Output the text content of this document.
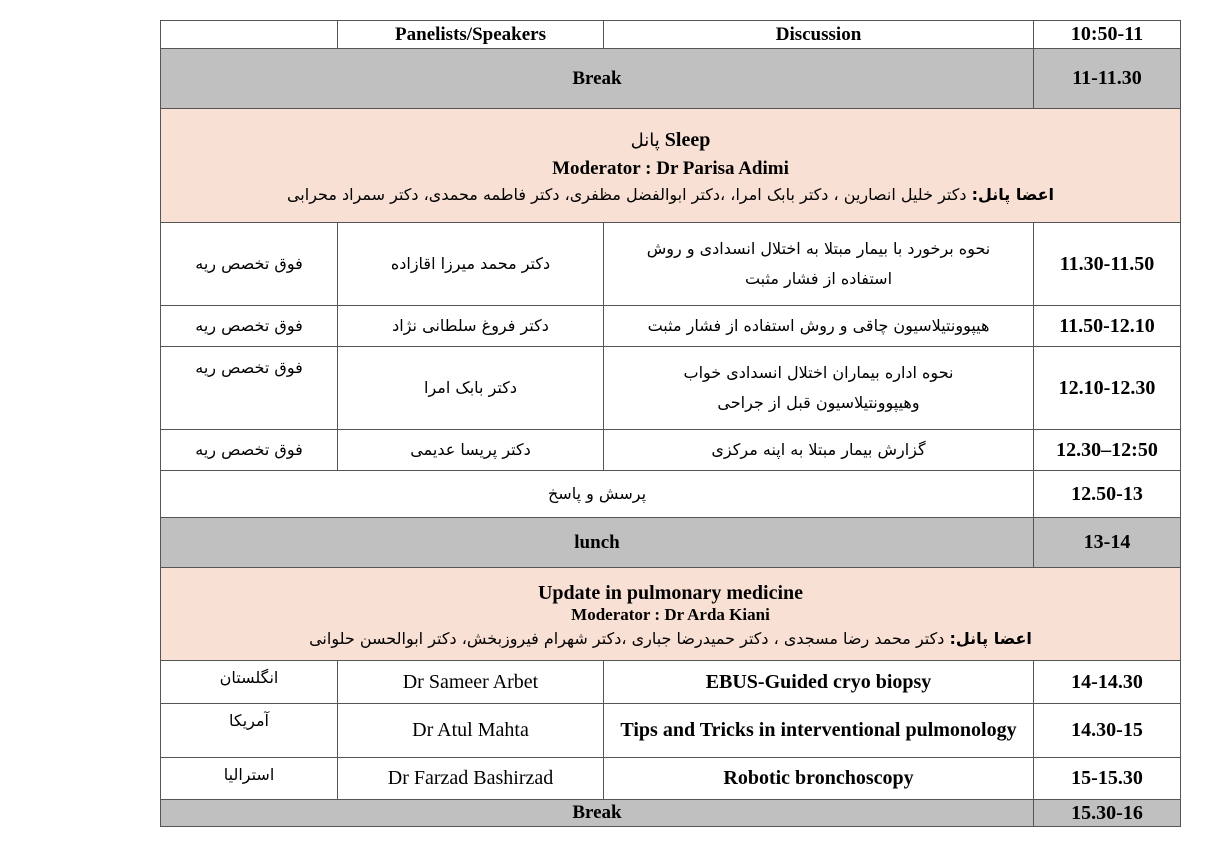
	Panelists/Speakers	Discussion	10:50-11
Break			11-11.30

پانل Sleep
Moderator : Dr Parisa Adimi
اعضا پانل: دکتر خلیل انصارین ، دکتر بابک امرا، ،دکتر ابوالفضل مظفری، دکتر فاطمه محمدی، دکتر سمراد محرابی			

فوق تخصص ریه	دکتر محمد میرزا اقازاده	نحوه برخورد با بیمار مبتلا به اختلال انسدادی و روش
استفاده از فشار مثبت	11.30-11.50
فوق تخصص ریه	دکتر فروغ سلطانی نژاد	هیپوونتیلاسیون چاقی و روش استفاده از فشار مثبت	11.50-12.10
فوق تخصص ریه	دکتر بابک امرا	نحوه اداره بیماران اختلال انسدادی خواب
وهیپوونتیلاسیون قبل از جراحی	12.10-12.30
فوق تخصص ریه	دکتر پریسا عدیمی	گزارش بیمار مبتلا به اپنه مرکزی	12.30–12:50
پرسش و پاسخ			12.50-13
lunch			13-14

Update in pulmonary medicine
Moderator : Dr Arda Kiani
اعضا پانل: دکتر محمد رضا مسجدی ، دکتر حمیدرضا جباری ،دکتر شهرام فیروزبخش، دکتر ابوالحسن حلوانی			

انگلستان	Dr Sameer Arbet	EBUS-Guided cryo biopsy	14-14.30
آمریکا	Dr Atul Mahta	Tips and Tricks in interventional pulmonology	14.30-15
استرالیا	Dr Farzad Bashirzad	Robotic bronchoscopy	15-15.30
Break			15.30-16
